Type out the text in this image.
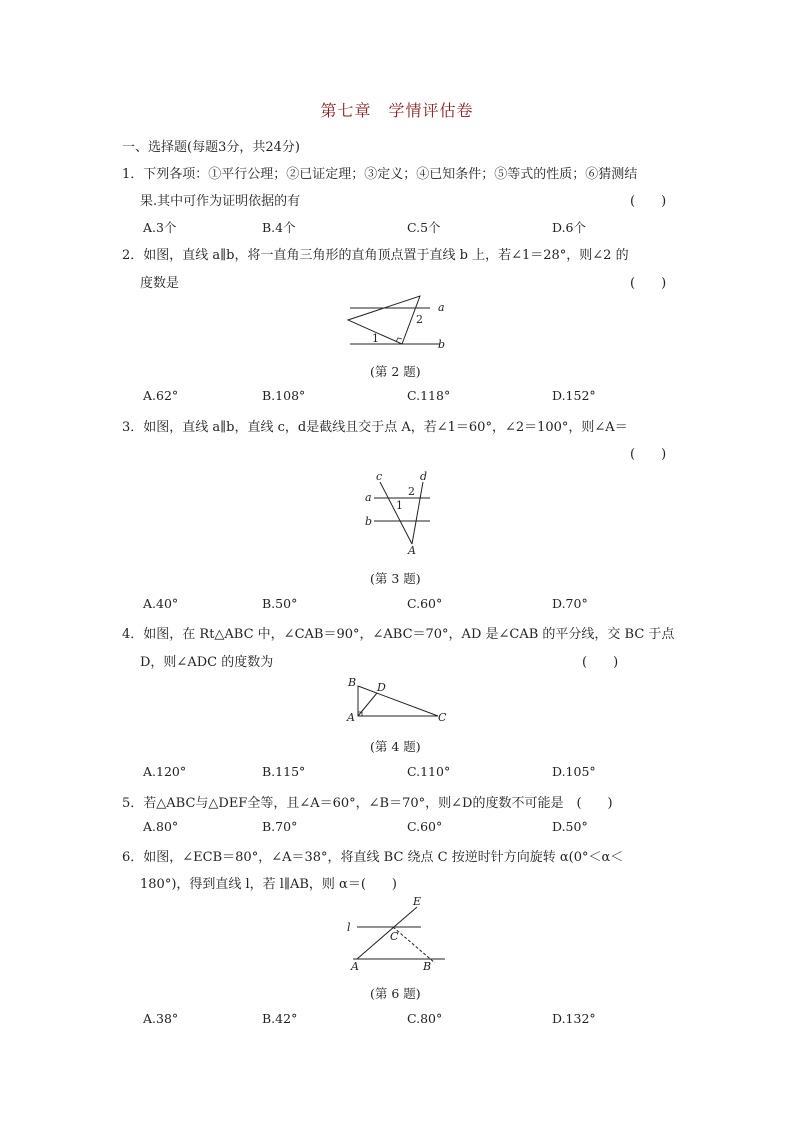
第七章　学情评估卷
一、选择题(每题3分，共24分)
1．下列各项：①平行公理；②已证定理；③定义；④已知条件；⑤等式的性质；⑥猜测结
果.其中可作为证明依据的有	(　　)
A.3个	B.4个	C.5个	D.6个
2．如图，直线 a∥b，将一直角三角形的直角顶点置于直线 b 上，若∠1＝28°，则∠2 的
度数是	(　　)
a
b
1
2
(第 2 题)
A.62°	B.108°	C.118°	D.152°
3．如图，直线 a∥b，直线 c，d是截线且交于点 A，若∠1＝60°，∠2＝100°，则∠A＝
(　　)
c	d
a
b
1
2
A
(第 3 题)
A.40°	B.50°	C.60°	D.70°
4．如图，在 Rt△ABC 中，∠CAB＝90°，∠ABC＝70°，AD 是∠CAB 的平分线，交 BC 于点
D，则∠ADC 的度数为	(　　)
B D
A	C
(第 4 题)
A.120°	B.115°	C.110°	D.105°
5．若△ABC与△DEF全等，且∠A＝60°，∠B＝70°，则∠D的度数不可能是　(　　)
A.80°	B.70°	C.60°	D.50°
6．如图，∠ECB＝80°，∠A＝38°，将直线 BC 绕点 C 按逆时针方向旋转 α(0°＜α＜
180°)，得到直线 l，若 l∥AB，则 α＝(　　)
l
E
C
A	B
(第 6 题)
A.38°	B.42°	C.80°	D.132°
